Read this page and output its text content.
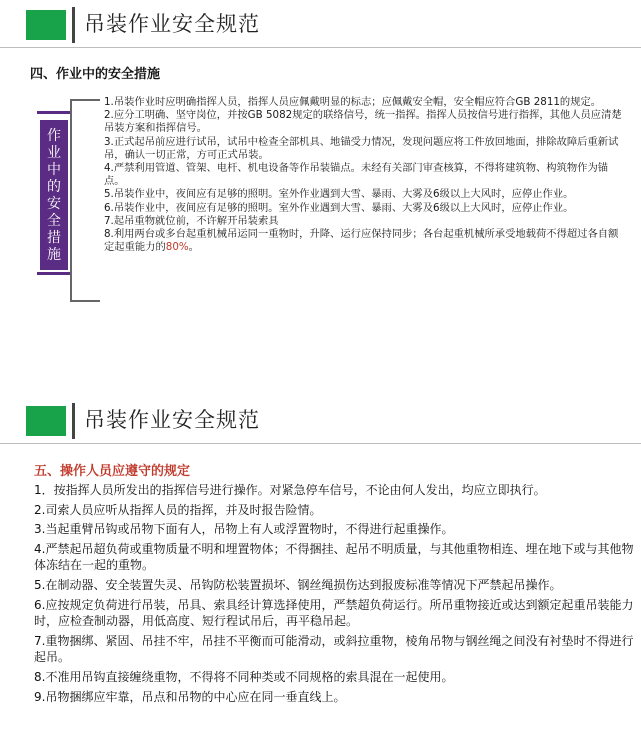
吊装作业安全规范
四、作业中的安全措施
作
业
中
的
安
全
措
施
1.吊装作业时应明确指挥人员，指挥人员应佩戴明显的标志；应佩戴安全帽，安全帽应符合GB 2811的规定。
2.应分工明确、坚守岗位，并按GB 5082规定的联络信号，统一指挥。指挥人员按信号进行指挥，其他人员应清楚吊装方案和指挥信号。
3.正式起吊前应进行试吊，试吊中检查全部机具、地锚受力情况，发现问题应将工件放回地面，排除故障后重新试吊，确认一切正常，方可正式吊装。
4.严禁利用管道、管架、电杆、机电设备等作吊装锚点。未经有关部门审查核算，不得将建筑物、构筑物作为锚点。
5.吊装作业中，夜间应有足够的照明。室外作业遇到大雪、暴雨、大雾及6级以上大风时，应停止作业。
6.吊装作业中，夜间应有足够的照明。室外作业遇到大雪、暴雨、大雾及6级以上大风时，应停止作业。
7.起吊重物就位前，不许解开吊装索具
8.利用两台或多台起重机械吊运同一重物时，升降、运行应保持同步；各台起重机械所承受地载荷不得超过各自额定起重能力的80%。
吊装作业安全规范
五、操作人员应遵守的规定
1．按指挥人员所发出的指挥信号进行操作。对紧急停车信号，不论由何人发出，均应立即执行。
2.司索人员应听从指挥人员的指挥，并及时报告险情。
3.当起重臂吊钩或吊物下面有人，吊物上有人或浮置物时，不得进行起重操作。
4.严禁起吊超负荷或重物质量不明和埋置物体；不得捆挂、起吊不明质量，与其他重物相连、埋在地下或与其他物体冻结在一起的重物。
5.在制动器、安全装置失灵、吊钩防松装置损坏、钢丝绳损伤达到报废标准等情况下严禁起吊操作。
6.应按规定负荷进行吊装，吊具、索具经计算选择使用，严禁超负荷运行。所吊重物接近或达到额定起重吊装能力时，应检查制动器，用低高度、短行程试吊后，再平稳吊起。
7.重物捆绑、紧固、吊挂不牢，吊挂不平衡而可能滑动，或斜拉重物，棱角吊物与钢丝绳之间没有衬垫时不得进行起吊。
8.不准用吊钩直接缠绕重物，不得将不同种类或不同规格的索具混在一起使用。
9.吊物捆绑应牢靠，吊点和吊物的中心应在同一垂直线上。
